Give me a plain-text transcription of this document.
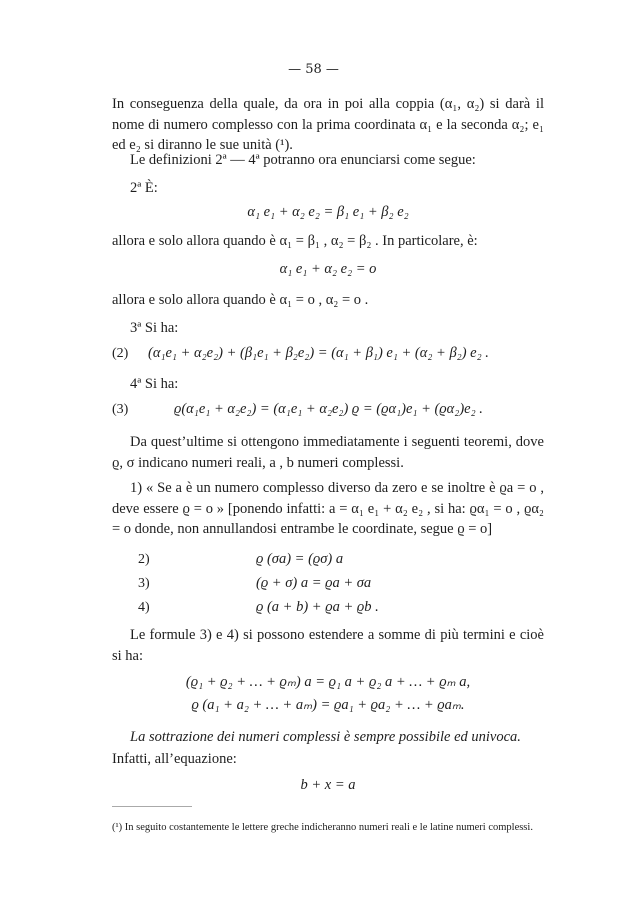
— 58 —
In conseguenza della quale, da ora in poi alla coppia (α₁, α₂) si darà il nome di numero complesso con la prima coordinata α₁ e la seconda α₂; e₁ ed e₂ si diranno le sue unità (¹).
Le definizioni 2ª — 4ª potranno ora enunciarsi come segue:
2ª È:
α₁ e₁ + α₂ e₂ = β₁ e₁ + β₂ e₂
allora e solo allora quando è α₁ = β₁ , α₂ = β₂ . In particolare, è:
α₁ e₁ + α₂ e₂ = o
allora e solo allora quando è α₁ = o , α₂ = o .
3ª Si ha:
(2) (α₁e₁ + α₂e₂) + (β₁e₁ + β₂e₂) = (α₁ + β₁) e₁ + (α₂ + β₂) e₂ .
4ª Si ha:
(3)	ϱ(α₁e₁ + α₂e₂) = (α₁e₁ + α₂e₂) ϱ = (ϱα₁)e₁ + (ϱα₂)e₂ .
Da quest’ultime si ottengono immediatamente i seguenti teoremi, dove ϱ, σ indicano numeri reali, a , b numeri complessi.
1) « Se a è un numero complesso diverso da zero e se inoltre è ϱa = o , deve essere ϱ = o » [ponendo infatti: a = α₁ e₁ + α₂ e₂ , si ha: ϱα₁ = o , ϱα₂ = o donde, non annullandosi entrambe le coordinate, segue ϱ = o]
2)	ϱ (σa) = (ϱσ) a
3)	(ϱ + σ) a = ϱa + σa
4)	ϱ (a + b) + ϱa + ϱb .
Le formule 3) e 4) si possono estendere a somme di più termini e cioè si ha:
(ϱ₁ + ϱ₂ + … + ϱₘ) a = ϱ₁ a + ϱ₂ a + … + ϱₘ a,
ϱ (a₁ + a₂ + … + aₘ) = ϱa₁ + ϱa₂ + … + ϱaₘ.
La sottrazione dei numeri complessi è sempre possibile ed univoca.
Infatti, all’equazione:
b + x = a
(¹) In seguito costantemente le lettere greche indicheranno numeri reali e le latine numeri complessi.
